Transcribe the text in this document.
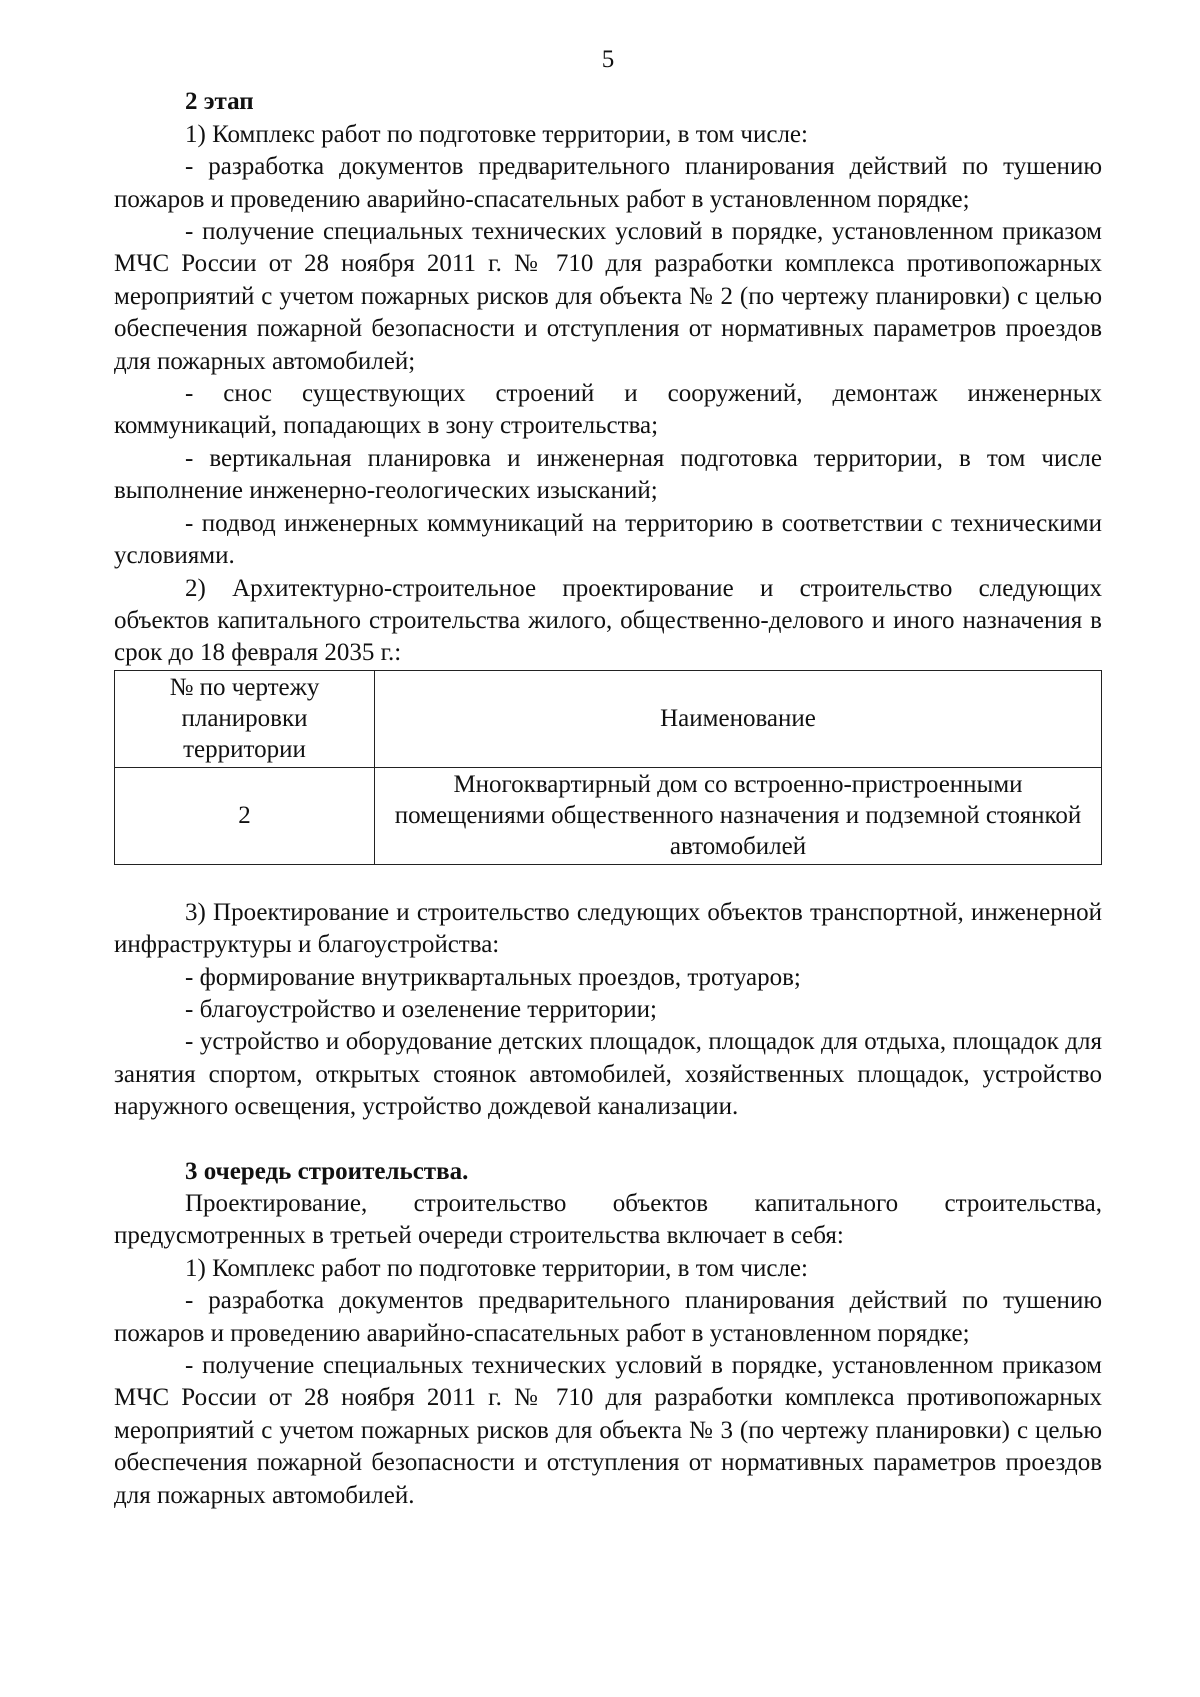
5

2 этап

1) Комплекс работ по подготовке территории, в том числе:

- разработка документов предварительного планирования действий по тушению пожаров и проведению аварийно-спасательных работ в установленном порядке;

- получение специальных технических условий в порядке, установленном приказом МЧС России от 28 ноября 2011 г. № 710 для разработки комплекса противопожарных мероприятий с учетом пожарных рисков для объекта № 2 (по чертежу планировки) с целью обеспечения пожарной безопасности и отступления от нормативных параметров проездов для пожарных автомобилей;

- снос существующих строений и сооружений, демонтаж инженерных коммуникаций, попадающих в зону строительства;

- вертикальная планировка и инженерная подготовка территории, в том числе выполнение инженерно-геологических изысканий;

- подвод инженерных коммуникаций на территорию в соответствии с техническими условиями.

2) Архитектурно-строительное проектирование и строительство следующих объектов капитального строительства жилого, общественно-делового и иного назначения в срок до 18 февраля 2035 г.:

№ по чертежу планировки территории	Наименование
2	Многоквартирный дом со встроенно-пристроенными помещениями общественного назначения и подземной стоянкой автомобилей

3) Проектирование и строительство следующих объектов транспортной, инженерной инфраструктуры и благоустройства:

- формирование внутриквартальных проездов, тротуаров;

- благоустройство и озеленение территории;

- устройство и оборудование детских площадок, площадок для отдыха, площадок для занятия спортом, открытых стоянок автомобилей, хозяйственных площадок, устройство наружного освещения, устройство дождевой канализации.

3 очередь строительства.

Проектирование, строительство объектов капитального строительства, предусмотренных в третьей очереди строительства включает в себя:

1) Комплекс работ по подготовке территории, в том числе:

- разработка документов предварительного планирования действий по тушению пожаров и проведению аварийно-спасательных работ в установленном порядке;

- получение специальных технических условий в порядке, установленном приказом МЧС России от 28 ноября 2011 г. № 710 для разработки комплекса противопожарных мероприятий с учетом пожарных рисков для объекта № 3 (по чертежу планировки) с целью обеспечения пожарной безопасности и отступления от нормативных параметров проездов для пожарных автомобилей.
